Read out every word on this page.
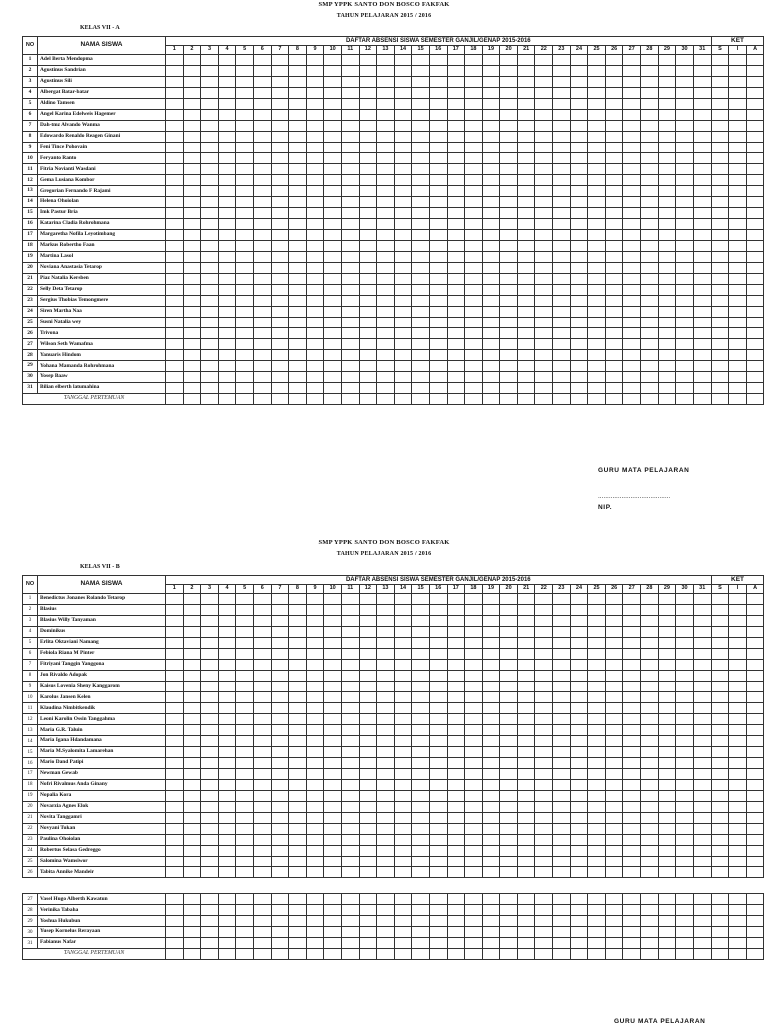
SMP YPPK SANTO DON BOSCO FAKFAK
TAHUN PELAJARAN 2015 / 2016
KELAS VII - A
NO	NAMA SISWA	DAFTAR ABSENSI SISWA SEMESTER GANJIL/GENAP 2015-2016																															KET		
		1	2	3	4	5	6	7	8	9	10	11	12	13	14	15	16	17	18	19	20	21	22	23	24	25	26	27	28	29	30	31	S	I	A
1	Adel Berta Mendopma																																		
2	Agustinus Sandrian																																		
3	Agustinus Sili																																		
4	Albergat Batar-batar																																		
5	Aldino Tamsen																																		
6	Angel Karina Edelweis Hagemer																																		
7	Dah-tmz Alvando Wanma																																		
8	Edowardo Renaldo Reagen Ginani																																		
9	Feni Tince Pohovain																																		
10	Feryanto Ranto																																		
11	Fitria Novianti Wasdani																																		
12	Gema Lusiana Kombor																																		
13	Gregorian Fernando F Rajami																																		
14	Helena Ohoiolan																																		
15	Imk Pastur Bria																																		
16	Katarina Cladia Rohrohmana																																		
17	Margaretha Nofila Leyotimbang																																		
18	Markus Robertho Faan																																		
19	Martina Lasol																																		
20	Noviana Anastasia Tetarop																																		
21	Piaz Natalia Kersben																																		
22	Selly Deta Tetarop																																		
23	Sergius Thobias Temongmere																																		
24	Siren Martha Naa																																		
25	Susni Natalia wey																																		
26	Trivona																																		
27	Wilson Seth Wamafma																																		
28	Yanuaris Hindom																																		
29	Yohana Mamanda Rohrohmana																																		
30	Yosep Baaw																																		
31	Bilian elberth latumahina																																		
TANGGAL PERTEMUAN																																			
GURU MATA PELAJARAN
........................................
NIP.
SMP YPPK SANTO DON BOSCO FAKFAK
TAHUN PELAJARAN 2015 / 2016
KELAS VII - B
NO	NAMA SISWA	DAFTAR ABSENSI SISWA SEMESTER GANJIL/GENAP 2015-2016																															KET		
		1	2	3	4	5	6	7	8	9	10	11	12	13	14	15	16	17	18	19	20	21	22	23	24	25	26	27	28	29	30	31	S	I	A
1	Benedictus Jonanes Rolando Tetarop																																		
2	Blasius																																		
3	Blasius Willy Tanyaman																																		
4	Dominikus																																		
5	Erlita Oktaviani Namang																																		
6	Febiola Riana M Pinter																																		
7	Fitriyani Tanggin Yanggona																																		
8	Jon Rivaldo Adopak																																		
9	Kaisus Lovenia Sheny Kanggarom																																		
10	Karolus Jansen Kelen																																		
11	Klaudina Nimbitkendik																																		
12	Leoni Karolin Ossin Tanggahma																																		
13	Maria G.R. Taluin																																		
14	Maria Igana Hdandamana																																		
15	Maria M.Syalomita Lamarehan																																		
16	Mario Dand Patipi																																		
17	Newman Gewab																																		
18	Nofri Rivalmus Anda Ginany																																		
19	Nopalia Kora																																		
20	Novarzia Agnes Elok																																		
21	Novita Tanggamri																																		
22	Novyani Tukan																																		
23	Paulina Ohoiolan																																		
24	Robertus Selasa Gedreggo																																		
25	Salomina Wamsiwor																																		
26	Tabita Annike Mandeir																																		

27	Vasel Hugo Alberth Kawatun																																		
28	Verinika Tabaha																																		
29	Yoshua Hukubun																																		
30	Yusep Kornelus Rerayaan																																		
31	Fabianus Nafar																																		
TANGGAL PERTEMUAN																																			
GURU MATA PELAJARAN
